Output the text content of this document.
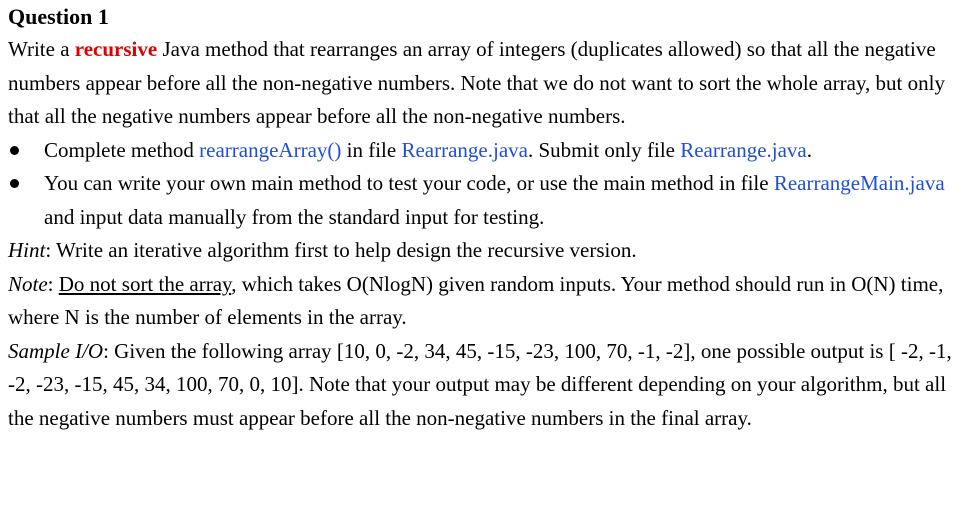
Question 1

Write a recursive Java method that rearranges an array of integers (duplicates allowed) so that all the negative numbers appear before all the non-negative numbers. Note that we do not want to sort the whole array, but only that all the negative numbers appear before all the non-negative numbers.

Complete method rearrangeArray() in file Rearrange.java. Submit only file Rearrange.java.
You can write your own main method to test your code, or use the main method in file RearrangeMain.java and input data manually from the standard input for testing.

Hint: Write an iterative algorithm first to help design the recursive version.

Note: Do not sort the array, which takes O(NlogN) given random inputs. Your method should run in O(N) time, where N is the number of elements in the array.

Sample I/O: Given the following array [10, 0, -2, 34, 45, -15, -23, 100, 70, -1, -2], one possible output is [ -2, -1, -2, -23, -15, 45, 34, 100, 70, 0, 10]. Note that your output may be different depending on your algorithm, but all the negative numbers must appear before all the non-negative numbers in the final array.
